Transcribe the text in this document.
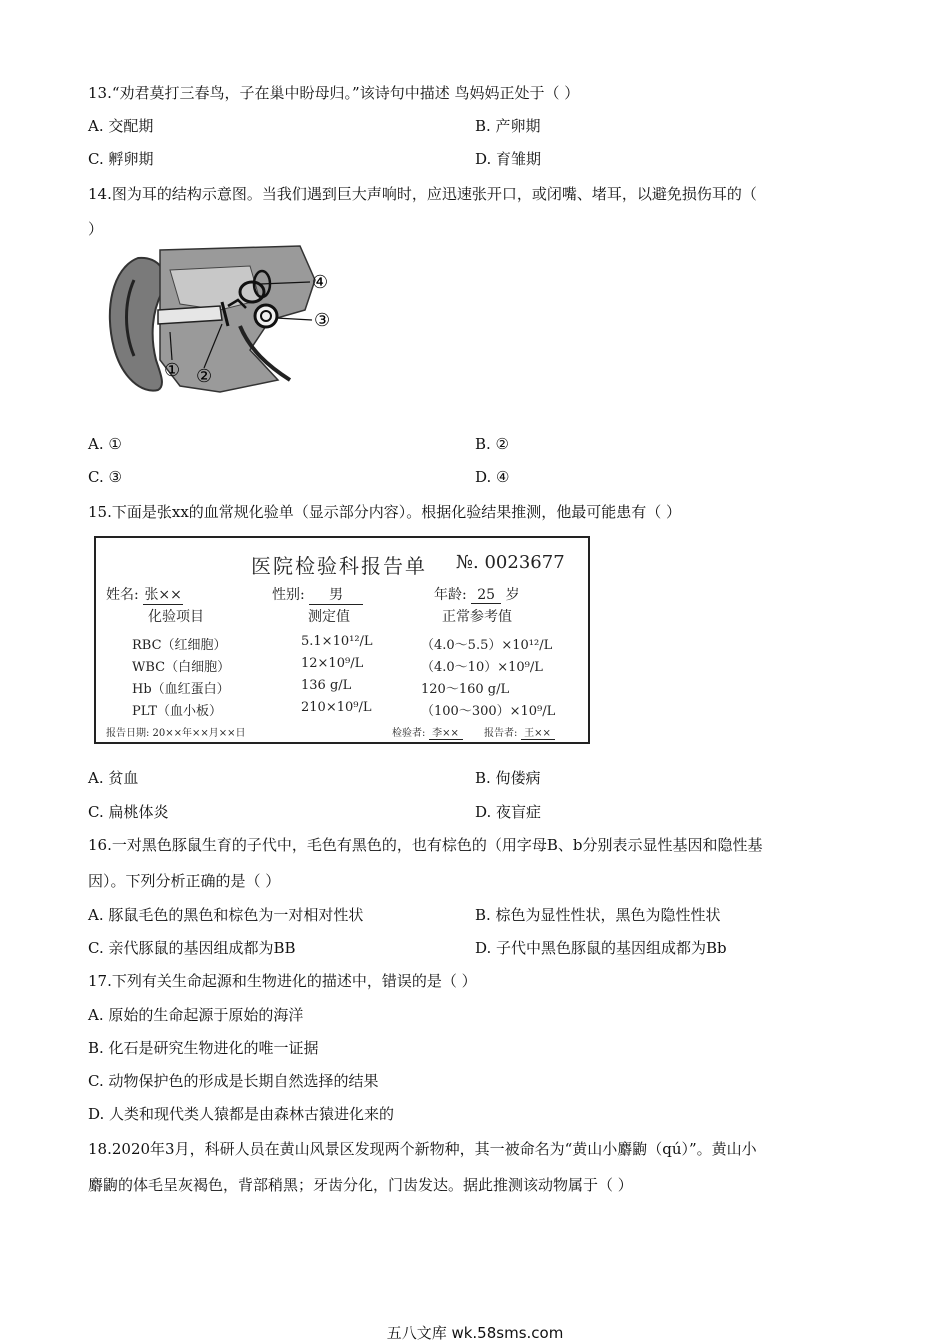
13.“劝君莫打三春鸟，子在巢中盼母归。”该诗句中描述 鸟妈妈正处于（ ）
A. 交配期	B. 产卵期
C. 孵卵期	D. 育雏期
14.图为耳的结构示意图。当我们遇到巨大声响时，应迅速张开口，或闭嘴、堵耳，以避免损伤耳的（
）
① ②
③
④
A. ①	B. ②
C. ③	D. ④
15.下面是张xx的血常规化验单（显示部分内容）。根据化验结果推测，他最可能患有（ ）
医院检验科报告单 №. 0023677
姓名: 张××	性别: 男	年龄: 25 岁
化验项目	测定值	正常参考值
RBC（红细胞）	5.1×10¹²/L	（4.0～5.5）×10¹²/L
WBC（白细胞）	12×10⁹/L	（4.0～10）×10⁹/L
Hb（血红蛋白）	136 g/L	120～160 g/L
PLT（血小板）	210×10⁹/L	（100～300）×10⁹/L
报告日期: 20××年××月××日	检验者: 李××	报告者: 王××
A. 贫血	B. 佝偻病
C. 扁桃体炎	D. 夜盲症
16.一对黑色豚鼠生育的子代中，毛色有黑色的，也有棕色的（用字母B、b分别表示显性基因和隐性基
因）。下列分析正确的是（ ）
A. 豚鼠毛色的黑色和棕色为一对相对性状	B. 棕色为显性性状，黑色为隐性性状
C. 亲代豚鼠的基因组成都为BB	D. 子代中黑色豚鼠的基因组成都为Bb
17.下列有关生命起源和生物进化的描述中，错误的是（ ）
A. 原始的生命起源于原始的海洋
B. 化石是研究生物进化的唯一证据
C. 动物保护色的形成是长期自然选择的结果
D. 人类和现代类人猿都是由森林古猿进化来的
18.2020年3月，科研人员在黄山风景区发现两个新物种，其一被命名为“黄山小麝鼩（qú）”。黄山小
麝鼩的体毛呈灰褐色，背部稍黑；牙齿分化，门齿发达。据此推测该动物属于（ ）
五八文库 wk.58sms.com
